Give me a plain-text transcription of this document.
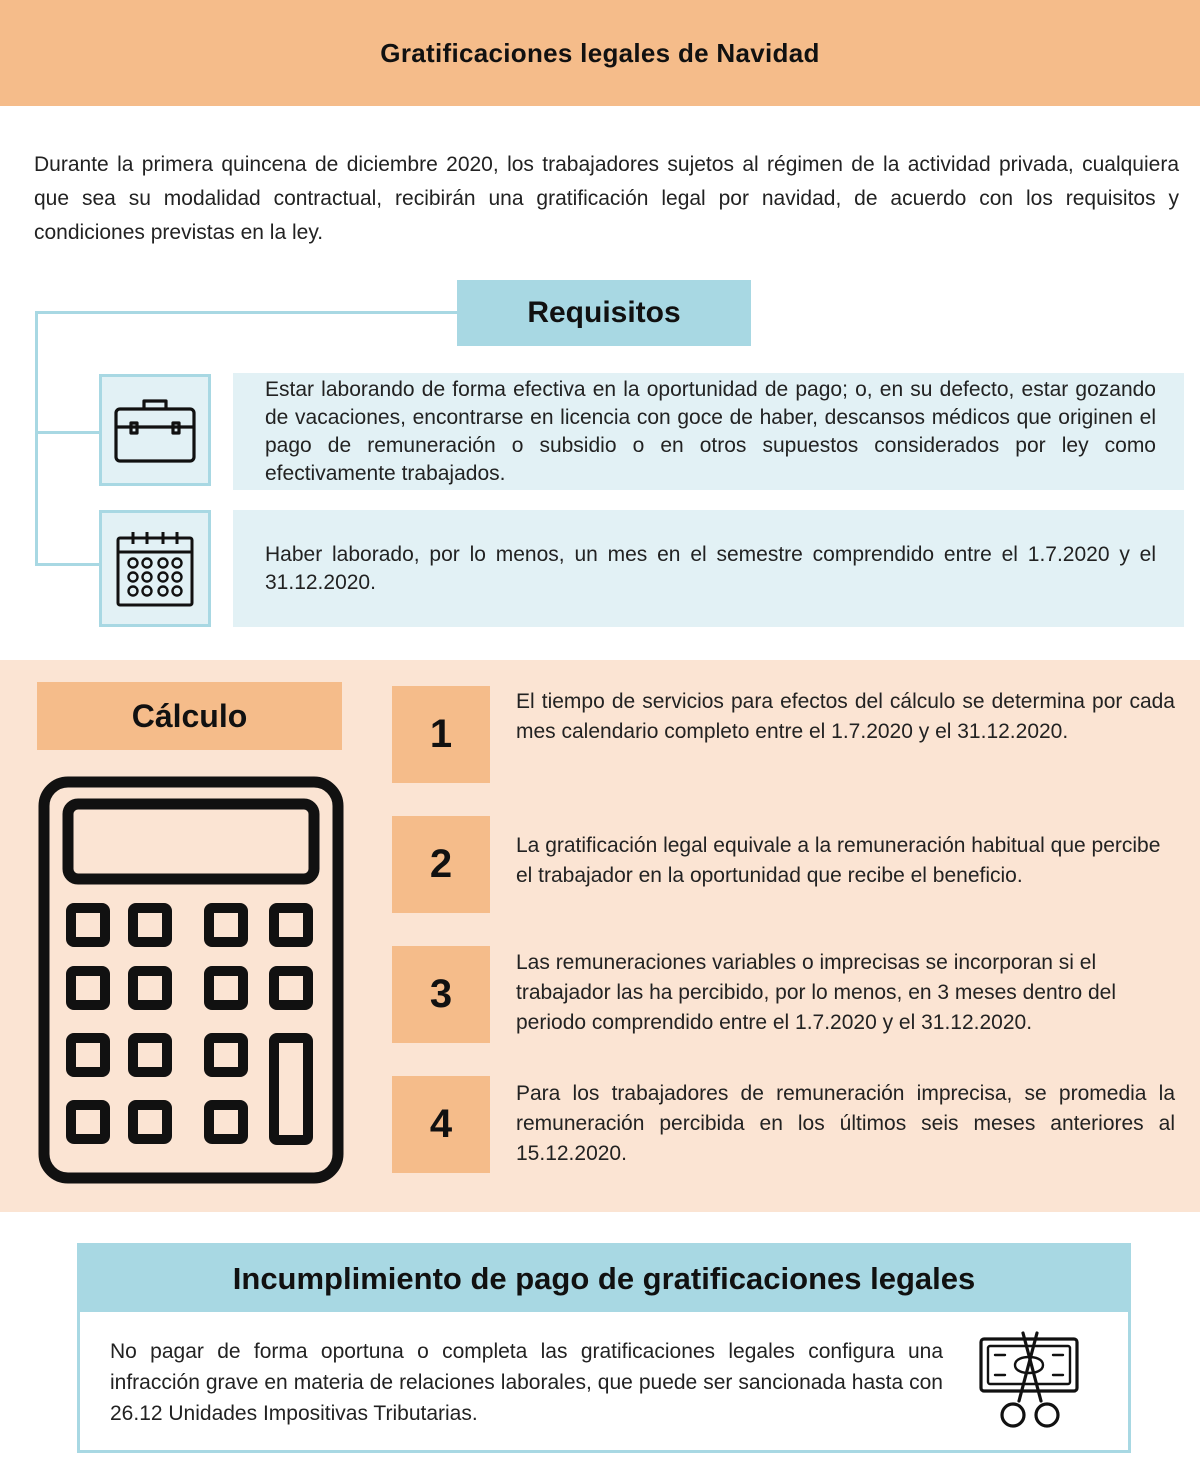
Gratificaciones legales de Navidad

Durante la primera quincena de diciembre 2020, los trabajadores sujetos al régimen de la actividad privada, cualquiera que sea su modalidad contractual, recibirán una gratificación legal por navidad, de acuerdo con los requisitos y condiciones previstas en la ley.

Requisitos
Estar laborando de forma efectiva en la oportunidad de pago; o, en su defecto, estar gozando de vacaciones, encontrarse en licencia con goce de haber, descansos médicos que originen el pago de remuneración o subsidio o en otros supuestos considerados por ley como efectivamente trabajados.
Haber laborado, por lo menos, un mes en el semestre comprendido entre el 1.7.2020 y el 31.12.2020.
Cálculo	1
El tiempo de servicios para efectos del cálculo se determina por cada mes calendario completo entre el 1.7.2020 y el 31.12.2020.
2	La gratificación legal equivale a la remuneración habitual que percibe el trabajador en la oportunidad que recibe el beneficio.
3
Las remuneraciones variables o imprecisas se incorporan si el trabajador las ha percibido, por lo menos, en 3 meses dentro del periodo comprendido entre el 1.7.2020 y el 31.12.2020.
4
Para los trabajadores de remuneración imprecisa, se promedia la remuneración percibida en los últimos seis meses anteriores al 15.12.2020.
Incumplimiento de pago de gratificaciones legales
No pagar de forma oportuna o completa las gratificaciones legales configura una infracción grave en materia de relaciones laborales, que puede ser sancionada hasta con 26.12 Unidades Impositivas Tributarias.
